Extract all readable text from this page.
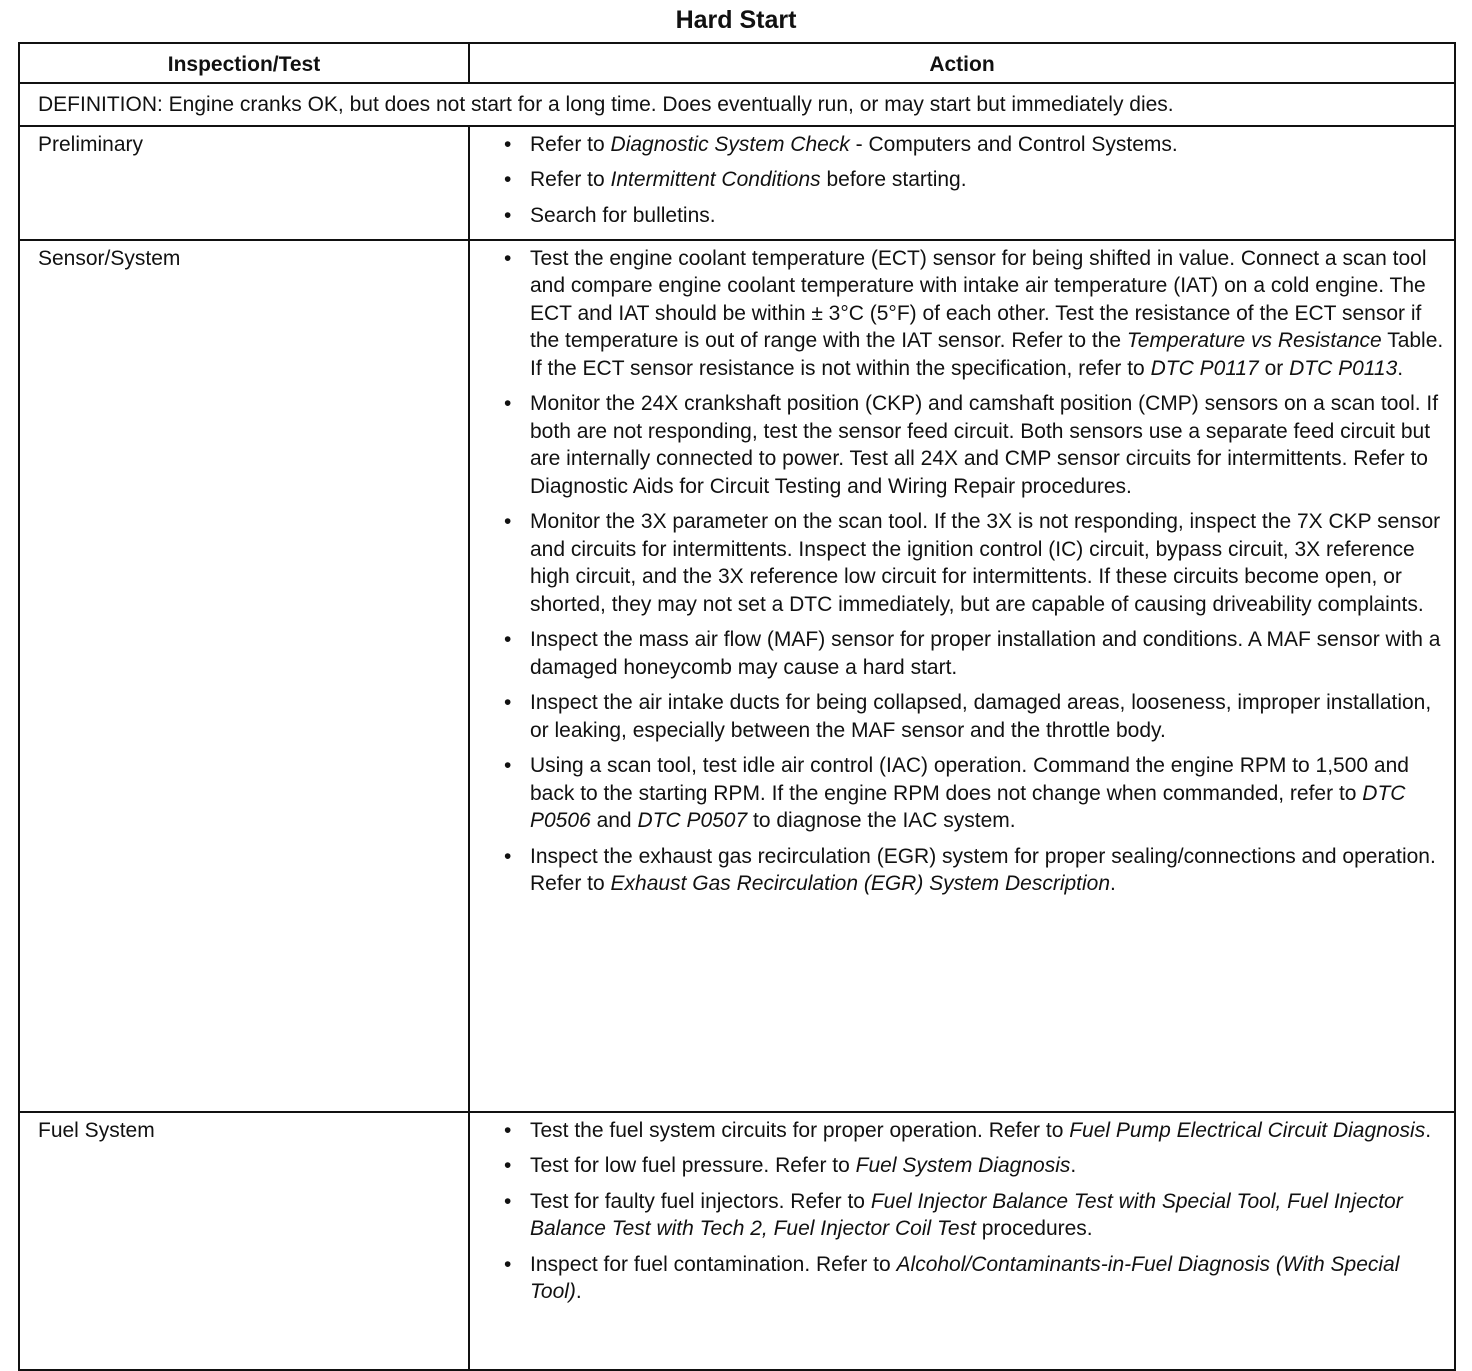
Hard Start
Inspection/Test	Action
DEFINITION: Engine cranks OK, but does not start for a long time. Does eventually run, or may start but immediately dies.	
Preliminary	• Refer to Diagnostic System Check - Computers and Control Systems.
• Refer to Intermittent Conditions before starting.
• Search for bulletins.

Sensor/System	• Test the engine coolant temperature (ECT) sensor for being shifted in value. Connect a scan tool and compare engine coolant temperature with intake air temperature (IAT) on a cold engine. The ECT and IAT should be within ± 3°C (5°F) of each other. Test the resistance of the ECT sensor if the temperature is out of range with the IAT sensor. Refer to the Temperature vs Resistance Table. If the ECT sensor resistance is not within the specification, refer to DTC P0117 or DTC P0113.
• Monitor the 24X crankshaft position (CKP) and camshaft position (CMP) sensors on a scan tool. If both are not responding, test the sensor feed circuit. Both sensors use a separate feed circuit but are internally connected to power. Test all 24X and CMP sensor circuits for intermittents. Refer to Diagnostic Aids for Circuit Testing and Wiring Repair procedures.
• Monitor the 3X parameter on the scan tool. If the 3X is not responding, inspect the 7X CKP sensor and circuits for intermittents. Inspect the ignition control (IC) circuit, bypass circuit, 3X reference high circuit, and the 3X reference low circuit for intermittents. If these circuits become open, or shorted, they may not set a DTC immediately, but are capable of causing driveability complaints.
• Inspect the mass air flow (MAF) sensor for proper installation and conditions. A MAF sensor with a damaged honeycomb may cause a hard start.
• Inspect the air intake ducts for being collapsed, damaged areas, looseness, improper installation, or leaking, especially between the MAF sensor and the throttle body.
• Using a scan tool, test idle air control (IAC) operation. Command the engine RPM to 1,500 and back to the starting RPM. If the engine RPM does not change when commanded, refer to DTC P0506 and DTC P0507 to diagnose the IAC system.
• Inspect the exhaust gas recirculation (EGR) system for proper sealing/connections and operation. Refer to Exhaust Gas Recirculation (EGR) System Description.

Fuel System	• Test the fuel system circuits for proper operation. Refer to Fuel Pump Electrical Circuit Diagnosis.
• Test for low fuel pressure. Refer to Fuel System Diagnosis.
• Test for faulty fuel injectors. Refer to Fuel Injector Balance Test with Special Tool, Fuel Injector Balance Test with Tech 2, Fuel Injector Coil Test procedures.
• Inspect for fuel contamination. Refer to Alcohol/Contaminants-in-Fuel Diagnosis (With Special Tool).
